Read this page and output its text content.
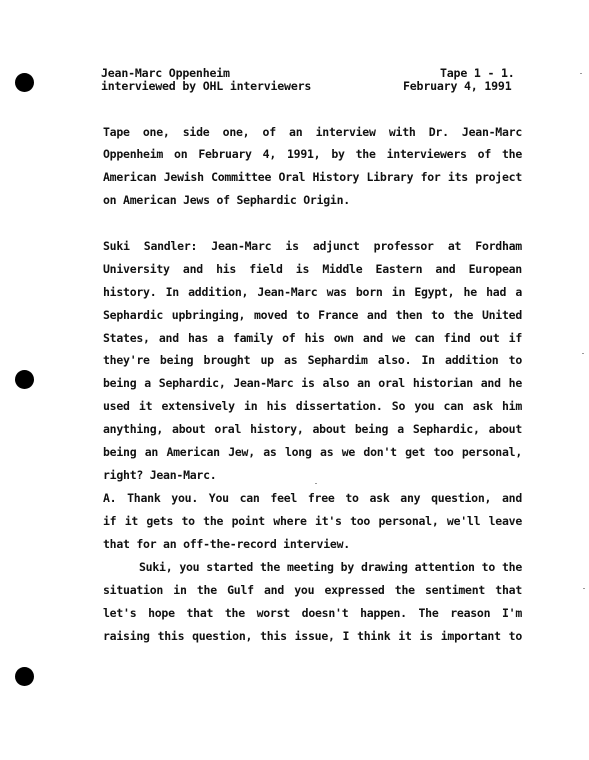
Jean-Marc Oppenheim
interviewed by OHL interviewers
Tape 1 - 1.
February 4, 1991
Tape one, side one, of an interview with Dr. Jean-Marc
Oppenheim on February 4, 1991, by the interviewers of the
American Jewish Committee Oral History Library for its project
on American Jews of Sephardic Origin.
Suki Sandler: Jean-Marc is adjunct professor at Fordham
University and his field is Middle Eastern and European
history. In addition, Jean-Marc was born in Egypt, he had a
Sephardic upbringing, moved to France and then to the United
States, and has a family of his own and we can find out if
they're being brought up as Sephardim also. In addition to
being a Sephardic, Jean-Marc is also an oral historian and he
used it extensively in his dissertation. So you can ask him
anything, about oral history, about being a Sephardic, about
being an American Jew, as long as we don't get too personal,
right? Jean-Marc.
A. Thank you. You can feel free to ask any question, and
if it gets to the point where it's too personal, we'll leave
that for an off-the-record interview.
Suki, you started the meeting by drawing attention to the
situation in the Gulf and you expressed the sentiment that
let's hope that the worst doesn't happen. The reason I'm
raising this question, this issue, I think it is important to
